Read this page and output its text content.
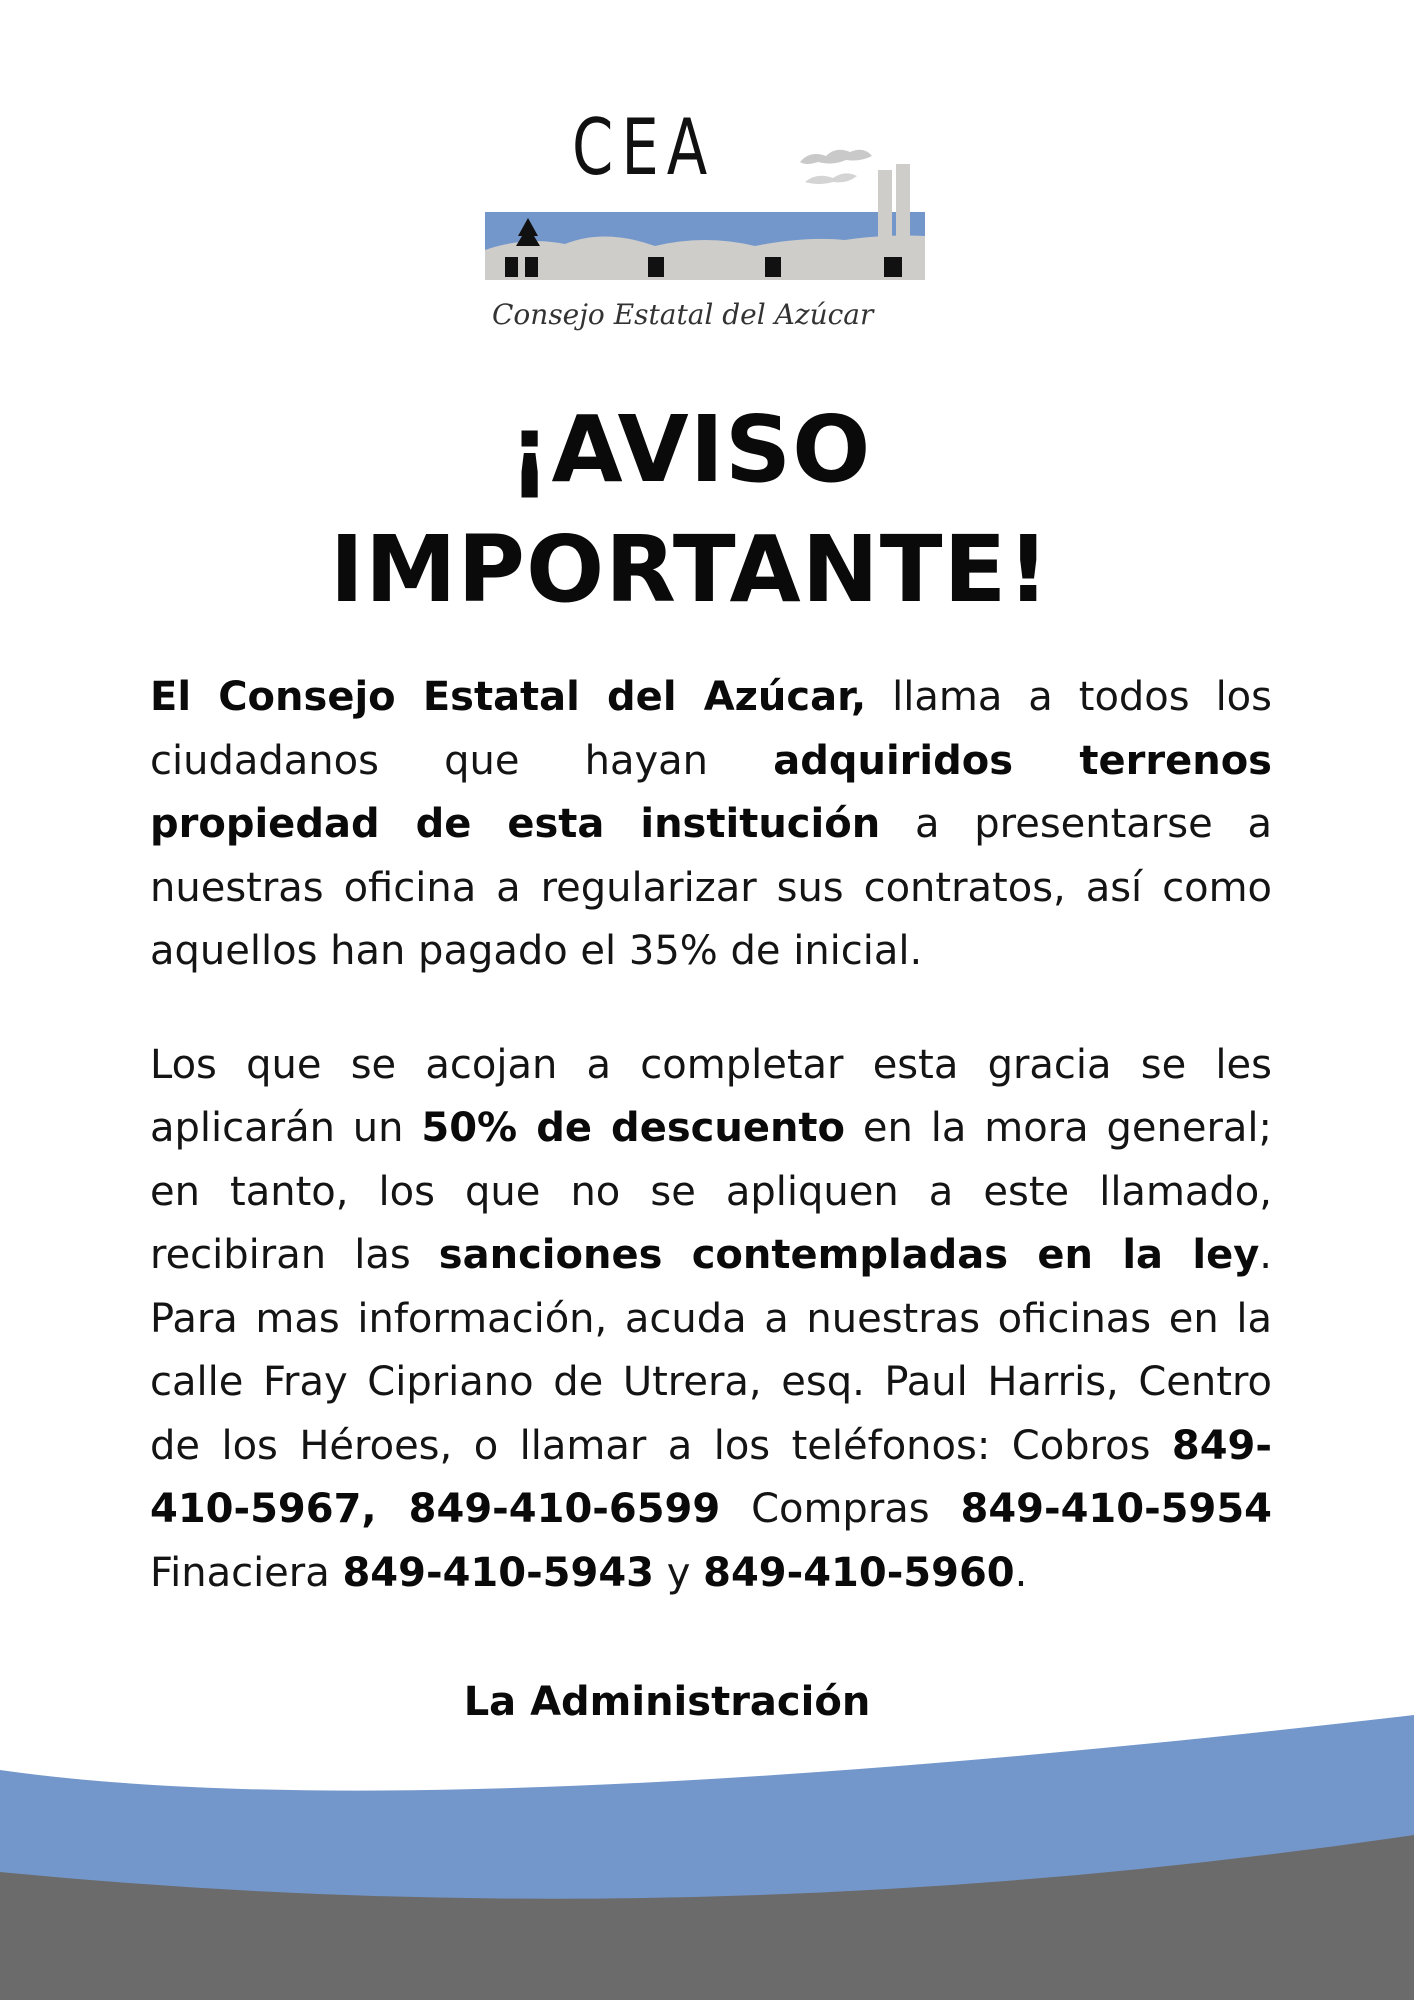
CEA
Consejo Estatal del Azúcar
¡AVISO
IMPORTANTE!

El Consejo Estatal del Azúcar, llama a todos los ciudadanos que hayan adquiridos terrenos propiedad de esta institución a presentarse a nuestras oficina a regularizar sus contratos, así como aquellos han pagado el 35% de inicial.

Los que se acojan a completar esta gracia se les aplicarán un 50% de descuento en la mora general; en tanto, los que no se apliquen a este llamado, recibiran las sanciones contempladas en la ley. Para mas información, acuda a nuestras oficinas en la calle Fray Cipriano de Utrera, esq. Paul Harris, Centro de los Héroes, o llamar a los teléfonos: Cobros 849-410-5967, 849-410-6599 Compras 849-410-5954 Finaciera 849-410-5943 y 849-410-5960.

La Administración
